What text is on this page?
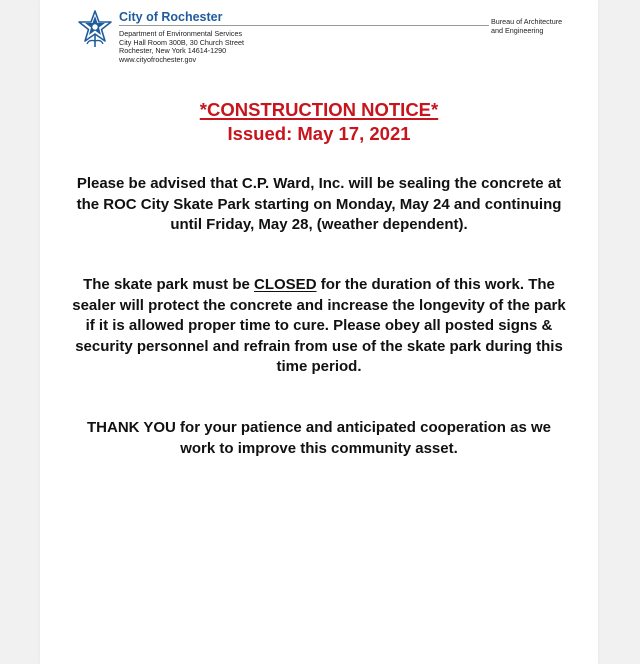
City of Rochester

Department of Environmental Services
City Hall Room 300B, 30 Church Street
Rochester, New York 14614-1290
www.cityofrochester.gov
Bureau of Architecture
and Engineering
*CONSTRUCTION NOTICE*
Issued: May 17, 2021
Please be advised that C.P. Ward, Inc. will be sealing the concrete at the ROC City Skate Park starting on Monday, May 24 and continuing until Friday, May 28, (weather dependent).
The skate park must be CLOSED for the duration of this work. The sealer will protect the concrete and increase the longevity of the park if it is allowed proper time to cure. Please obey all posted signs & security personnel and refrain from use of the skate park during this time period.
THANK YOU for your patience and anticipated cooperation as we work to improve this community asset.
